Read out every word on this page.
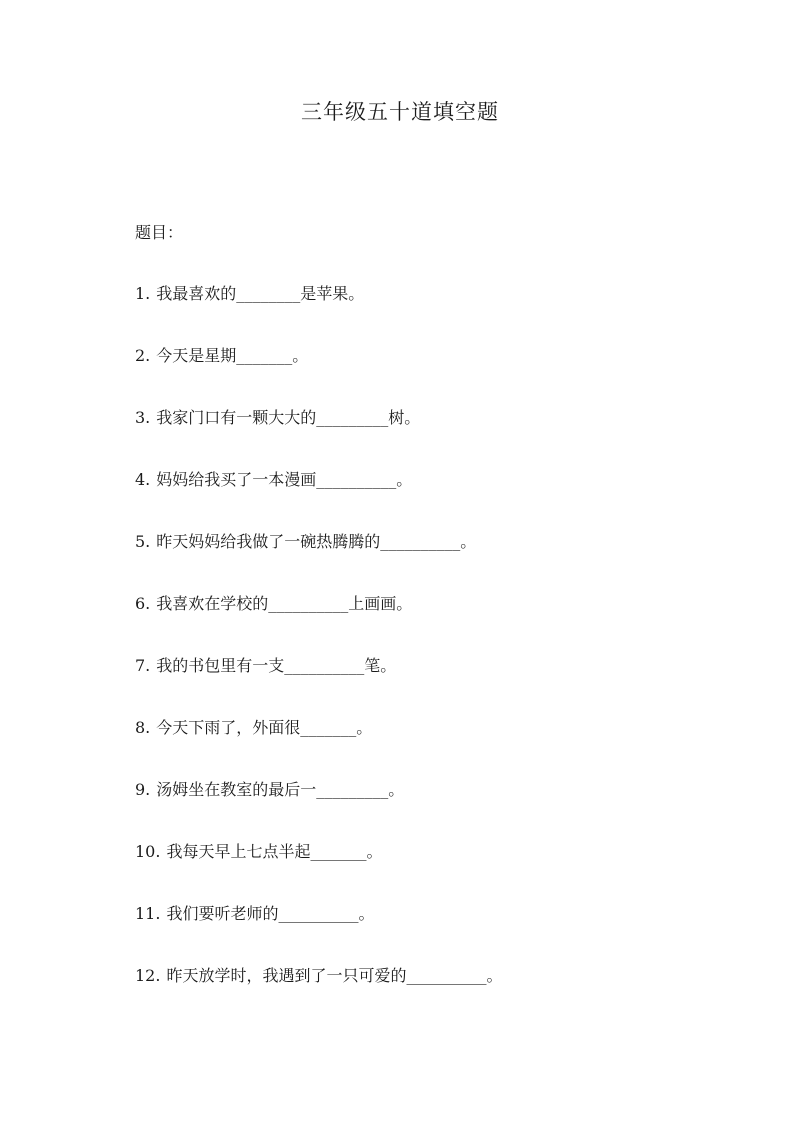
三年级五十道填空题

题目：

1. 我最喜欢的________是苹果。
2. 今天是星期_______。
3. 我家门口有一颗大大的_________树。
4. 妈妈给我买了一本漫画__________。
5. 昨天妈妈给我做了一碗热腾腾的__________。
6. 我喜欢在学校的__________上画画。
7. 我的书包里有一支__________笔。
8. 今天下雨了，外面很_______。
9. 汤姆坐在教室的最后一_________。
10. 我每天早上七点半起_______。
11. 我们要听老师的__________。
12. 昨天放学时，我遇到了一只可爱的__________。
